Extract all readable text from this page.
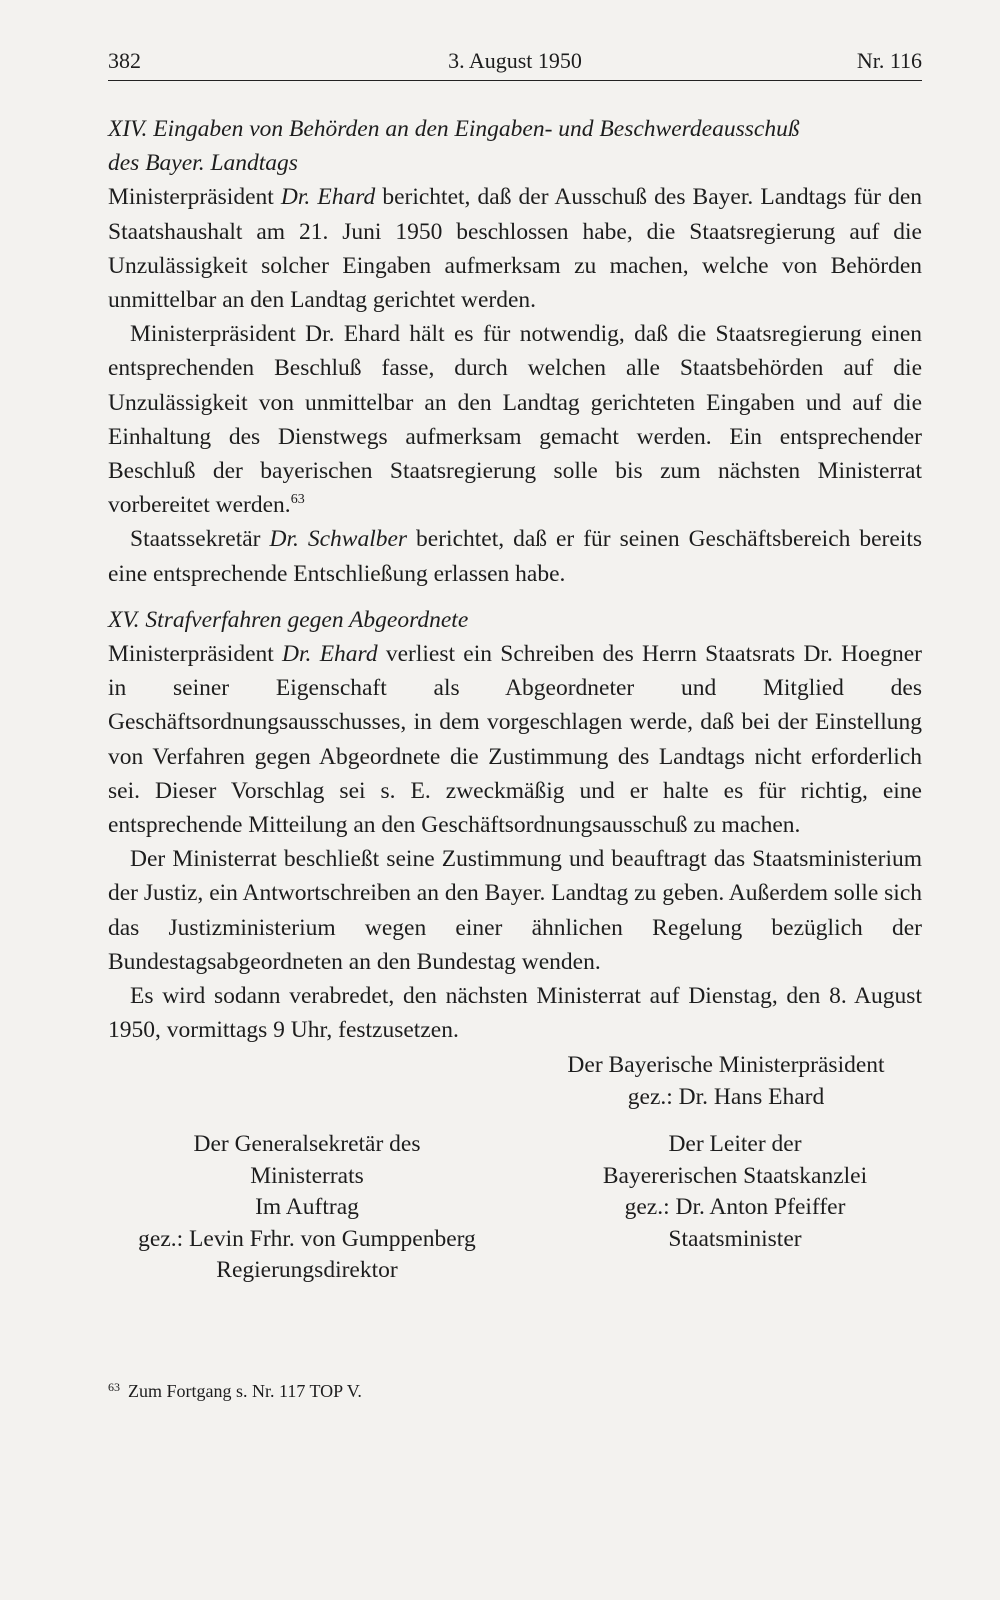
382	3. August 1950	Nr. 116
XIV. Eingaben von Behörden an den Eingaben- und Beschwerdeausschuß
des Bayer. Landtags

Ministerpräsident Dr. Ehard berichtet, daß der Ausschuß des Bayer. Landtags für den Staatshaushalt am 21. Juni 1950 beschlossen habe, die Staatsregierung auf die Unzulässigkeit solcher Eingaben aufmerksam zu machen, welche von Behörden unmittelbar an den Landtag gerichtet werden.

Ministerpräsident Dr. Ehard hält es für notwendig, daß die Staatsregierung einen entsprechenden Beschluß fasse, durch welchen alle Staatsbehörden auf die Unzulässigkeit von unmittelbar an den Landtag gerichteten Eingaben und auf die Einhaltung des Dienstwegs aufmerksam gemacht werden. Ein entsprechender Beschluß der bayerischen Staatsregierung solle bis zum nächsten Ministerrat vorbereitet werden.$^{63}$

Staatssekretär Dr. Schwalber berichtet, daß er für seinen Geschäftsbereich bereits eine entsprechende Entschließung erlassen habe.

XV. Strafverfahren gegen Abgeordnete

Ministerpräsident Dr. Ehard verliest ein Schreiben des Herrn Staatsrats Dr. Hoegner in seiner Eigenschaft als Abgeordneter und Mitglied des Geschäftsordnungsausschusses, in dem vorgeschlagen werde, daß bei der Einstellung von Verfahren gegen Abgeordnete die Zustimmung des Landtags nicht erforderlich sei. Dieser Vorschlag sei s. E. zweckmäßig und er halte es für richtig, eine entsprechende Mitteilung an den Geschäftsordnungsausschuß zu machen.

Der Ministerrat beschließt seine Zustimmung und beauftragt das Staatsministerium der Justiz, ein Antwortschreiben an den Bayer. Landtag zu geben. Außerdem solle sich das Justizministerium wegen einer ähnlichen Regelung bezüglich der Bundestagsabgeordneten an den Bundestag wenden.

Es wird sodann verabredet, den nächsten Ministerrat auf Dienstag, den 8. August 1950, vormittags 9 Uhr, festzusetzen.

Der Bayerische Ministerpräsident
gez.: Dr. Hans Ehard
Der Generalsekretär des
Ministerrats
Im Auftrag
gez.: Levin Frhr. von Gumppenberg
Regierungsdirektor
Der Leiter der
Bayererischen Staatskanzlei
gez.: Dr. Anton Pfeiffer
Staatsminister
$^{63}$ Zum Fortgang s. Nr. 117 TOP V.
